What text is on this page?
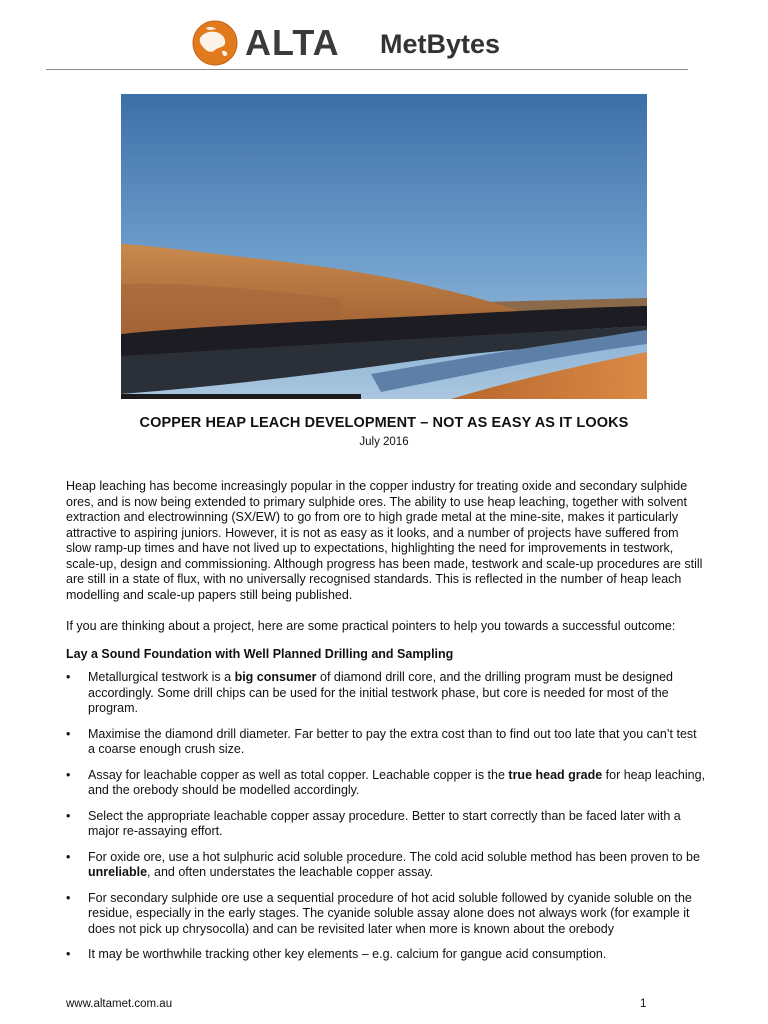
ALTA MetBytes
COPPER HEAP LEACH DEVELOPMENT – NOT AS EASY AS IT LOOKS
July 2016
Heap leaching has become increasingly popular in the copper industry for treating oxide and secondary sulphide ores, and is now being extended to primary sulphide ores. The ability to use heap leaching, together with solvent extraction and electrowinning (SX/EW) to go from ore to high grade metal at the mine-site, makes it particularly attractive to aspiring juniors. However, it is not as easy as it looks, and a number of projects have suffered from slow ramp-up times and have not lived up to expectations, highlighting the need for improvements in testwork, scale-up, design and commissioning. Although progress has been made, testwork and scale-up procedures are still are still in a state of flux, with no universally recognised standards. This is reflected in the number of heap leach modelling and scale-up papers still being published.
If you are thinking about a project, here are some practical pointers to help you towards a successful outcome:
Lay a Sound Foundation with Well Planned Drilling and Sampling
• Metallurgical testwork is a big consumer of diamond drill core, and the drilling program must be designed accordingly. Some drill chips can be used for the initial testwork phase, but core is needed for most of the program.
• Maximise the diamond drill diameter. Far better to pay the extra cost than to find out too late that you can’t test a coarse enough crush size.
• Assay for leachable copper as well as total copper. Leachable copper is the true head grade for heap leaching, and the orebody should be modelled accordingly.
• Select the appropriate leachable copper assay procedure. Better to start correctly than be faced later with a major re-assaying effort.
• For oxide ore, use a hot sulphuric acid soluble procedure. The cold acid soluble method has been proven to be unreliable, and often understates the leachable copper assay.
• For secondary sulphide ore use a sequential procedure of hot acid soluble followed by cyanide soluble on the residue, especially in the early stages. The cyanide soluble assay alone does not always work (for example it does not pick up chrysocolla) and can be revisited later when more is known about the orebody
• It may be worthwhile tracking other key elements – e.g. calcium for gangue acid consumption.
www.altamet.com.au	1
